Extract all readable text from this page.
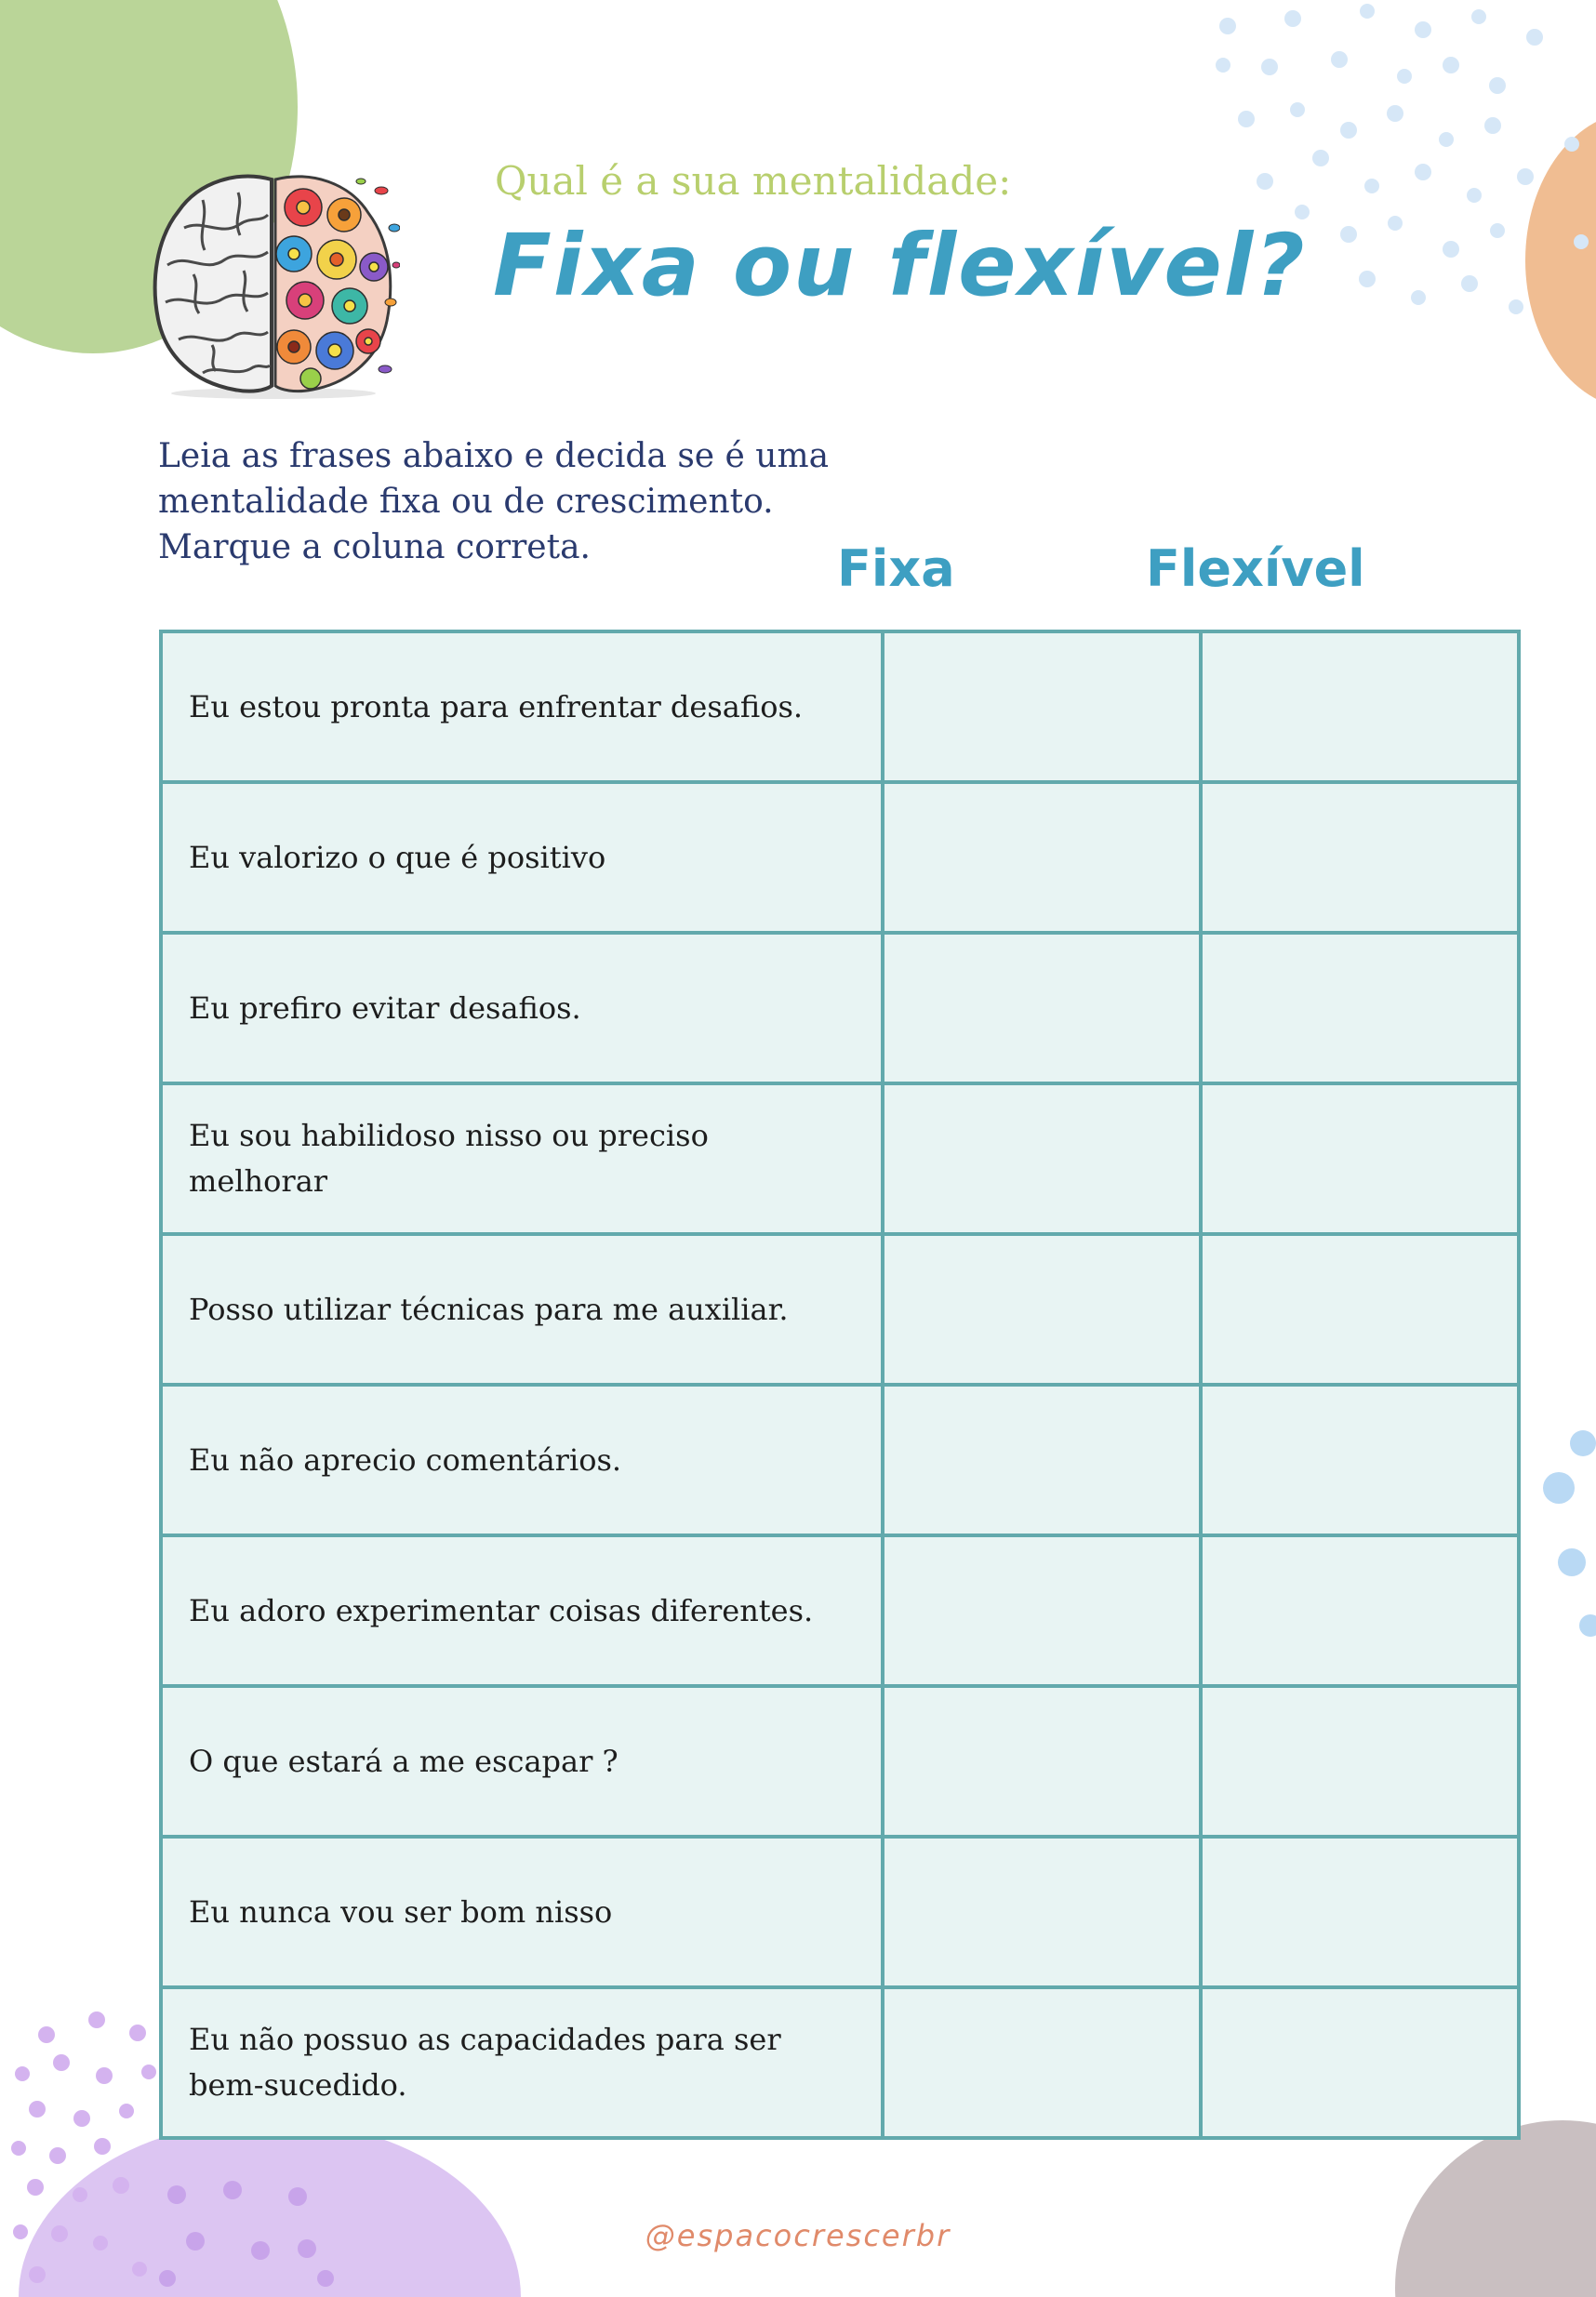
Qual é a sua mentalidade:
Fixa ou flexível?
Leia as frases abaixo e decida se é uma
mentalidade fixa ou de crescimento.
Marque a coluna correta.	Fixa	Flexível
Eu estou pronta para enfrentar desafios.		
Eu valorizo o que é positivo		
Eu prefiro evitar desafios.		
Eu sou habilidoso nisso ou preciso melhorar		
Posso utilizar técnicas para me auxiliar.		
Eu não aprecio comentários.		
Eu adoro experimentar coisas diferentes.		
O que estará a me escapar ?		
Eu nunca vou ser bom nisso		
Eu não possuo as capacidades para ser bem-sucedido.		
@espacocrescerbr
